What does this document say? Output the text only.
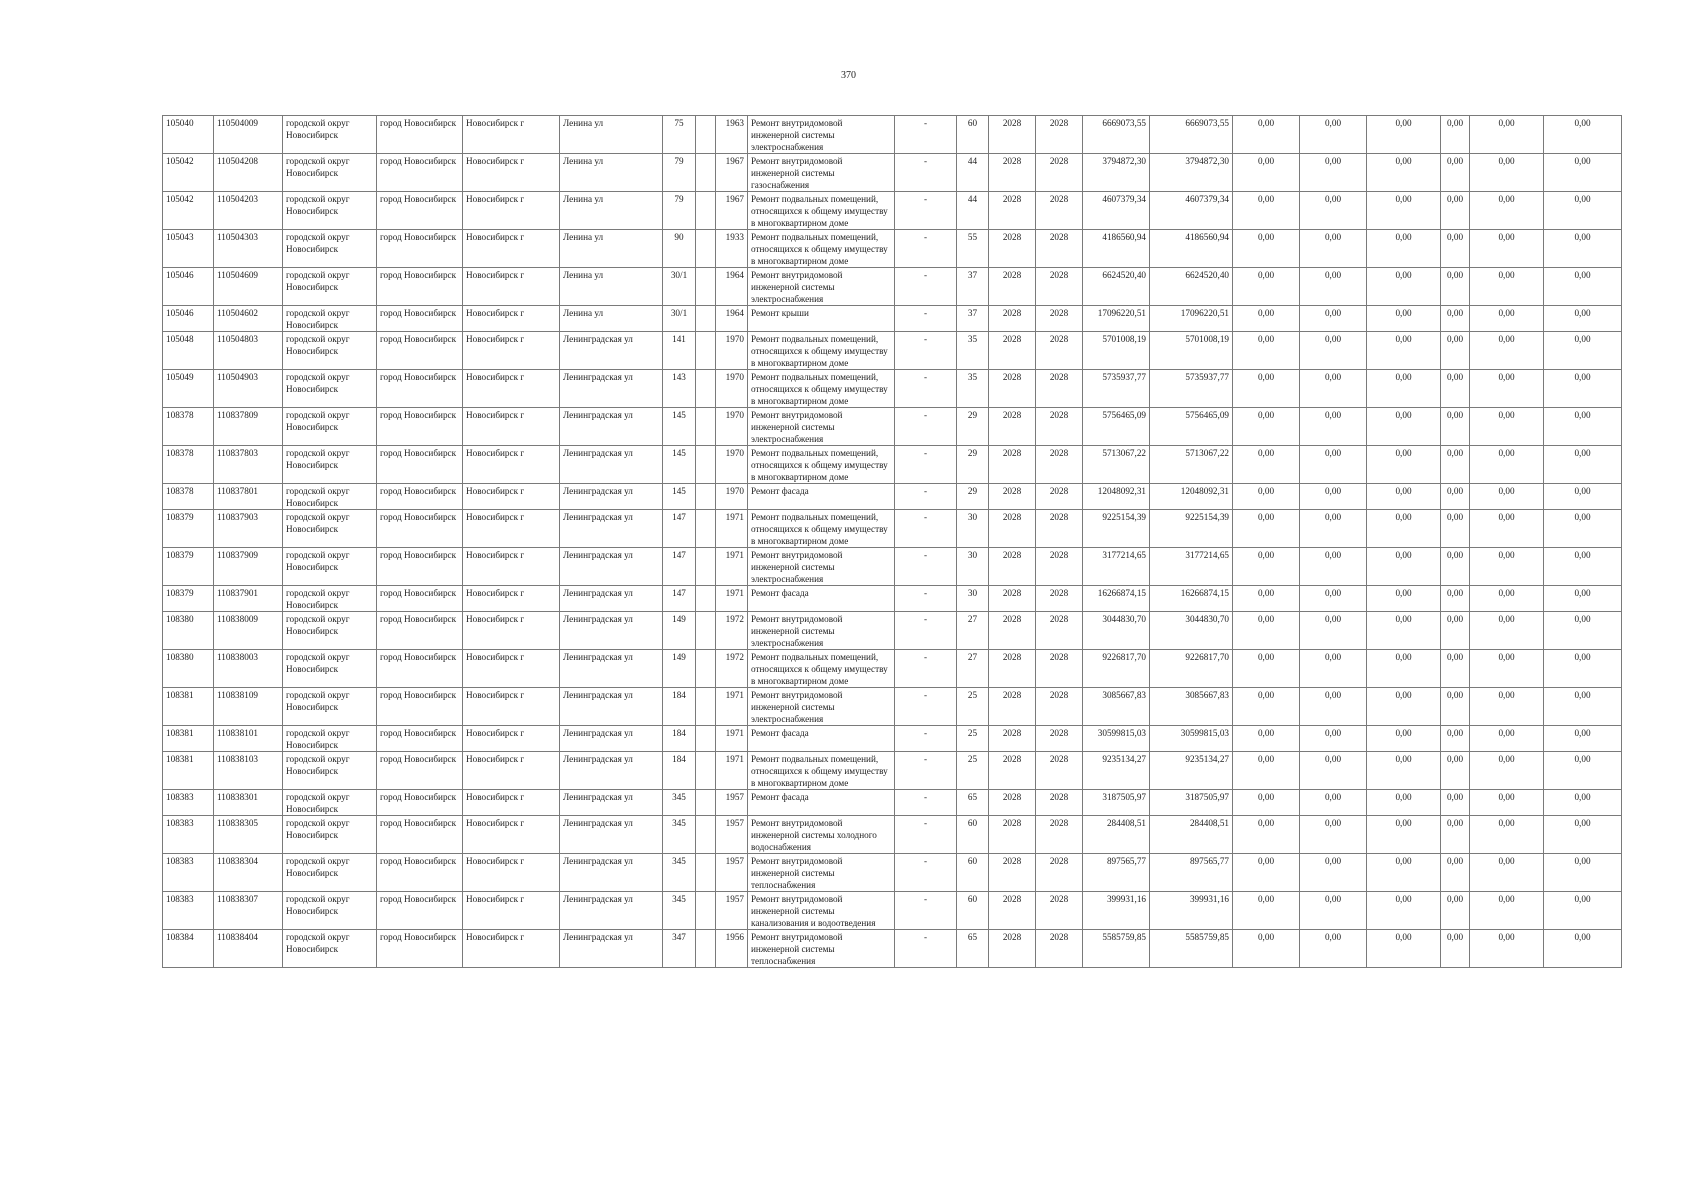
370
105040	110504009	городской округ Новосибирск	город Новосибирск	Новосибирск г	Ленина ул	75		1963	Ремонт внутридомовой инженерной системы электроснабжения	-	60	2028	2028	6669073,55	6669073,55	0,00	0,00	0,00	0,00	0,00	0,00
105042	110504208	городской округ Новосибирск	город Новосибирск	Новосибирск г	Ленина ул	79		1967	Ремонт внутридомовой инженерной системы газоснабжения	-	44	2028	2028	3794872,30	3794872,30	0,00	0,00	0,00	0,00	0,00	0,00
105042	110504203	городской округ Новосибирск	город Новосибирск	Новосибирск г	Ленина ул	79		1967	Ремонт подвальных помещений, относящихся к общему имуществу в многоквартирном доме	-	44	2028	2028	4607379,34	4607379,34	0,00	0,00	0,00	0,00	0,00	0,00
105043	110504303	городской округ Новосибирск	город Новосибирск	Новосибирск г	Ленина ул	90		1933	Ремонт подвальных помещений, относящихся к общему имуществу в многоквартирном доме	-	55	2028	2028	4186560,94	4186560,94	0,00	0,00	0,00	0,00	0,00	0,00
105046	110504609	городской округ Новосибирск	город Новосибирск	Новосибирск г	Ленина ул	30/1		1964	Ремонт внутридомовой инженерной системы электроснабжения	-	37	2028	2028	6624520,40	6624520,40	0,00	0,00	0,00	0,00	0,00	0,00
105046	110504602	городской округ Новосибирск	город Новосибирск	Новосибирск г	Ленина ул	30/1		1964	Ремонт крыши	-	37	2028	2028	17096220,51	17096220,51	0,00	0,00	0,00	0,00	0,00	0,00
105048	110504803	городской округ Новосибирск	город Новосибирск	Новосибирск г	Ленинградская ул	141		1970	Ремонт подвальных помещений, относящихся к общему имуществу в многоквартирном доме	-	35	2028	2028	5701008,19	5701008,19	0,00	0,00	0,00	0,00	0,00	0,00
105049	110504903	городской округ Новосибирск	город Новосибирск	Новосибирск г	Ленинградская ул	143		1970	Ремонт подвальных помещений, относящихся к общему имуществу в многоквартирном доме	-	35	2028	2028	5735937,77	5735937,77	0,00	0,00	0,00	0,00	0,00	0,00
108378	110837809	городской округ Новосибирск	город Новосибирск	Новосибирск г	Ленинградская ул	145		1970	Ремонт внутридомовой инженерной системы электроснабжения	-	29	2028	2028	5756465,09	5756465,09	0,00	0,00	0,00	0,00	0,00	0,00
108378	110837803	городской округ Новосибирск	город Новосибирск	Новосибирск г	Ленинградская ул	145		1970	Ремонт подвальных помещений, относящихся к общему имуществу в многоквартирном доме	-	29	2028	2028	5713067,22	5713067,22	0,00	0,00	0,00	0,00	0,00	0,00
108378	110837801	городской округ Новосибирск	город Новосибирск	Новосибирск г	Ленинградская ул	145		1970	Ремонт фасада	-	29	2028	2028	12048092,31	12048092,31	0,00	0,00	0,00	0,00	0,00	0,00
108379	110837903	городской округ Новосибирск	город Новосибирск	Новосибирск г	Ленинградская ул	147		1971	Ремонт подвальных помещений, относящихся к общему имуществу в многоквартирном доме	-	30	2028	2028	9225154,39	9225154,39	0,00	0,00	0,00	0,00	0,00	0,00
108379	110837909	городской округ Новосибирск	город Новосибирск	Новосибирск г	Ленинградская ул	147		1971	Ремонт внутридомовой инженерной системы электроснабжения	-	30	2028	2028	3177214,65	3177214,65	0,00	0,00	0,00	0,00	0,00	0,00
108379	110837901	городской округ Новосибирск	город Новосибирск	Новосибирск г	Ленинградская ул	147		1971	Ремонт фасада	-	30	2028	2028	16266874,15	16266874,15	0,00	0,00	0,00	0,00	0,00	0,00
108380	110838009	городской округ Новосибирск	город Новосибирск	Новосибирск г	Ленинградская ул	149		1972	Ремонт внутридомовой инженерной системы электроснабжения	-	27	2028	2028	3044830,70	3044830,70	0,00	0,00	0,00	0,00	0,00	0,00
108380	110838003	городской округ Новосибирск	город Новосибирск	Новосибирск г	Ленинградская ул	149		1972	Ремонт подвальных помещений, относящихся к общему имуществу в многоквартирном доме	-	27	2028	2028	9226817,70	9226817,70	0,00	0,00	0,00	0,00	0,00	0,00
108381	110838109	городской округ Новосибирск	город Новосибирск	Новосибирск г	Ленинградская ул	184		1971	Ремонт внутридомовой инженерной системы электроснабжения	-	25	2028	2028	3085667,83	3085667,83	0,00	0,00	0,00	0,00	0,00	0,00
108381	110838101	городской округ Новосибирск	город Новосибирск	Новосибирск г	Ленинградская ул	184		1971	Ремонт фасада	-	25	2028	2028	30599815,03	30599815,03	0,00	0,00	0,00	0,00	0,00	0,00
108381	110838103	городской округ Новосибирск	город Новосибирск	Новосибирск г	Ленинградская ул	184		1971	Ремонт подвальных помещений, относящихся к общему имуществу в многоквартирном доме	-	25	2028	2028	9235134,27	9235134,27	0,00	0,00	0,00	0,00	0,00	0,00
108383	110838301	городской округ Новосибирск	город Новосибирск	Новосибирск г	Ленинградская ул	345		1957	Ремонт фасада	-	65	2028	2028	3187505,97	3187505,97	0,00	0,00	0,00	0,00	0,00	0,00
108383	110838305	городской округ Новосибирск	город Новосибирск	Новосибирск г	Ленинградская ул	345		1957	Ремонт внутридомовой инженерной системы холодного водоснабжения	-	60	2028	2028	284408,51	284408,51	0,00	0,00	0,00	0,00	0,00	0,00
108383	110838304	городской округ Новосибирск	город Новосибирск	Новосибирск г	Ленинградская ул	345		1957	Ремонт внутридомовой инженерной системы теплоснабжения	-	60	2028	2028	897565,77	897565,77	0,00	0,00	0,00	0,00	0,00	0,00
108383	110838307	городской округ Новосибирск	город Новосибирск	Новосибирск г	Ленинградская ул	345		1957	Ремонт внутридомовой инженерной системы канализования и водоотведения	-	60	2028	2028	399931,16	399931,16	0,00	0,00	0,00	0,00	0,00	0,00
108384	110838404	городской округ Новосибирск	город Новосибирск	Новосибирск г	Ленинградская ул	347		1956	Ремонт внутридомовой инженерной системы теплоснабжения	-	65	2028	2028	5585759,85	5585759,85	0,00	0,00	0,00	0,00	0,00	0,00
